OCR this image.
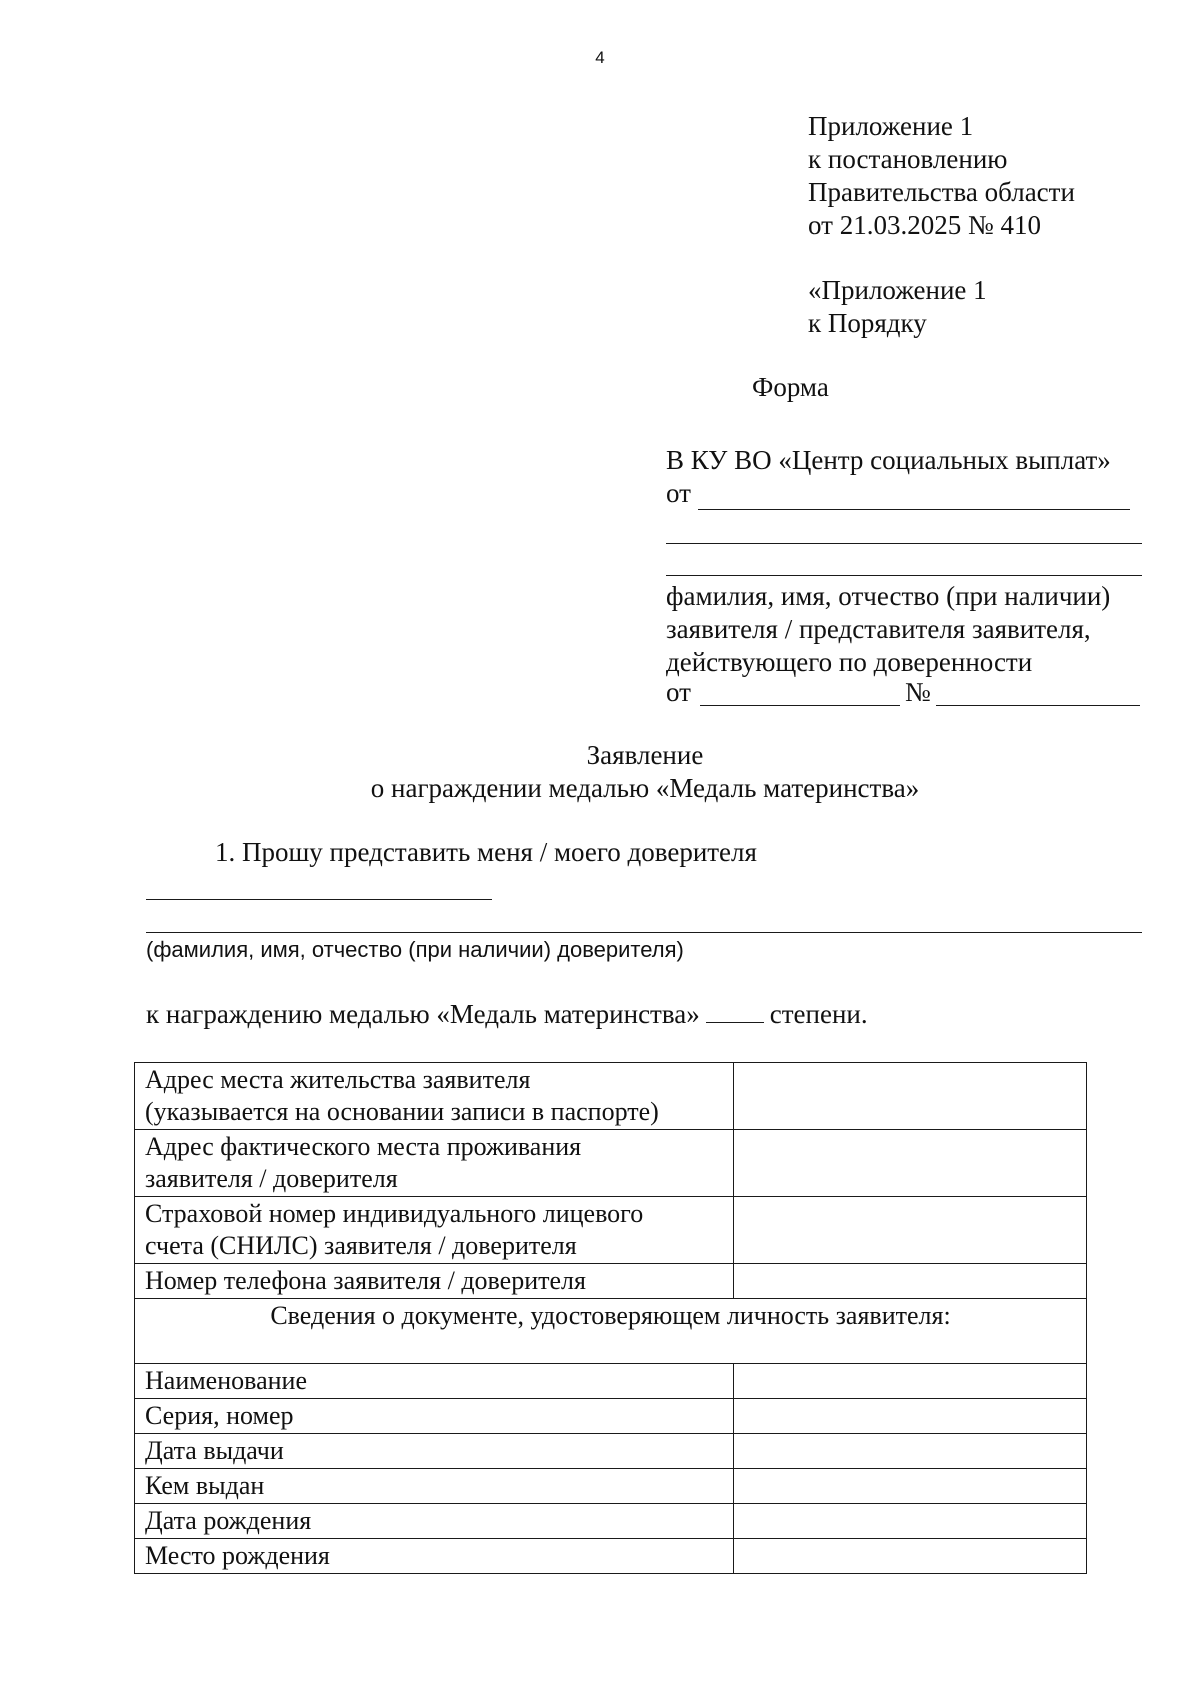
4
Приложение 1
к постановлению
Правительства области
от 21.03.2025 № 410
«Приложение 1
к Порядку
Форма
В КУ ВО «Центр социальных выплат»
от
фамилия, имя, отчество (при наличии)
заявителя / представителя заявителя,
действующего по доверенности
от	№
Заявление
о награждении медалью «Медаль материнства»
1. Прошу представить меня / моего доверителя
(фамилия, имя, отчество (при наличии) доверителя)
к награждению медалью «Медаль материнства»	степени.
Адрес места жительства заявителя
(указывается на основании записи в паспорте)	

Адрес фактического места проживания
заявителя / доверителя	

Страховой номер индивидуального лицевого
счета (СНИЛС) заявителя / доверителя	

Номер телефона заявителя / доверителя	

Сведения о документе, удостоверяющем личность заявителя:	
Наименование	
Серия, номер	
Дата выдачи	
Кем выдан	
Дата рождения	
Место рождения	
